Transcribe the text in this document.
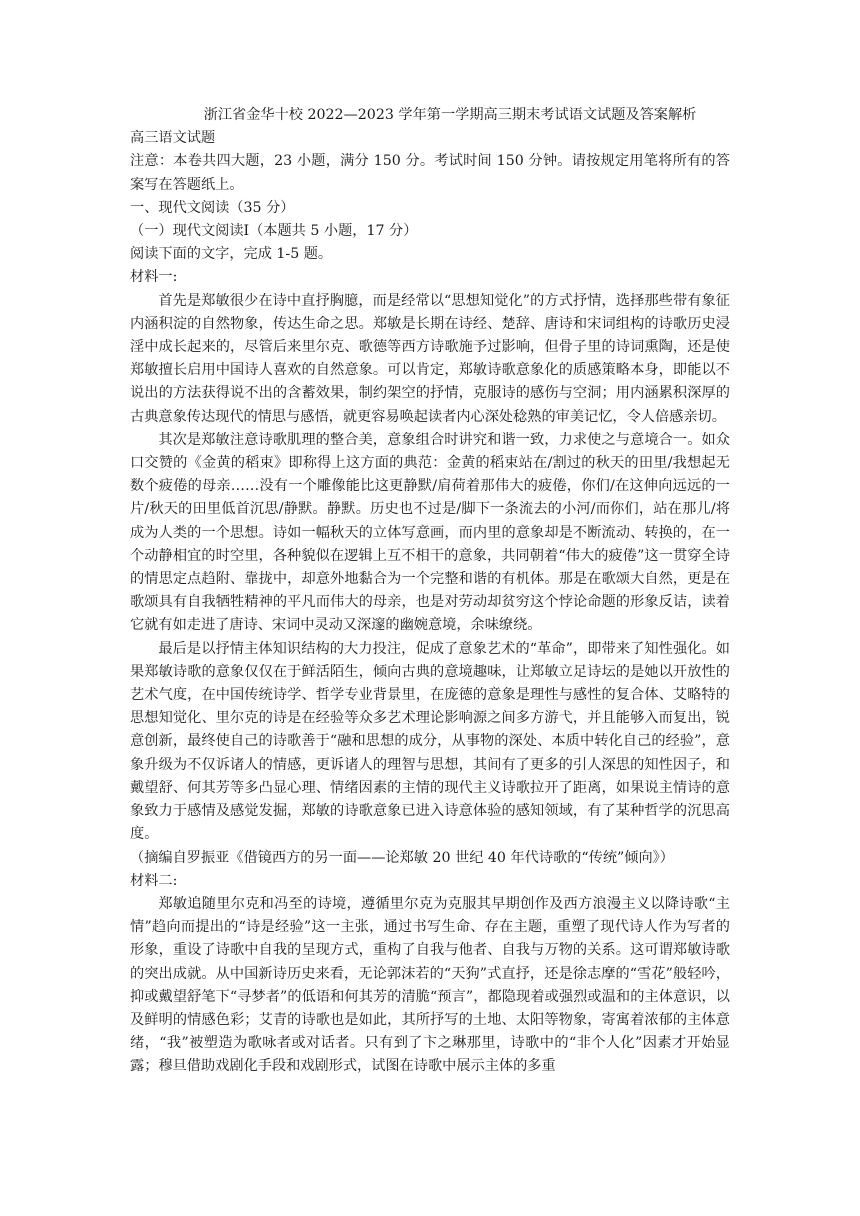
浙江省金华十校 2022—2023 学年第一学期高三期末考试语文试题及答案解析

高三语文试题

注意：本卷共四大题，23 小题，满分 150 分。考试时间 150 分钟。请按规定用笔将所有的答案写在答题纸上。

一、现代文阅读（35 分）

（一）现代文阅读Ⅰ（本题共 5 小题，17 分）

阅读下面的文字，完成 1-5 题。

材料一:

首先是郑敏很少在诗中直抒胸臆，而是经常以“思想知觉化”的方式抒情，选择那些带有象征内涵积淀的自然物象，传达生命之思。郑敏是长期在诗经、楚辞、唐诗和宋词组构的诗歌历史浸淫中成长起来的，尽管后来里尔克、歌德等西方诗歌施予过影响，但骨子里的诗词熏陶，还是使郑敏擅长启用中国诗人喜欢的自然意象。可以肯定，郑敏诗歌意象化的质感策略本身，即能以不说出的方法获得说不出的含蓄效果，制约架空的抒情，克服诗的感伤与空洞；用内涵累积深厚的古典意象传达现代的情思与感悟，就更容易唤起读者内心深处稔熟的审美记忆，令人倍感亲切。

其次是郑敏注意诗歌肌理的整合美，意象组合时讲究和谐一致，力求使之与意境合一。如众口交赞的《金黄的稻束》即称得上这方面的典范：金黄的稻束站在/割过的秋天的田里/我想起无数个疲倦的母亲……没有一个雕像能比这更静默/肩荷着那伟大的疲倦，你们/在这伸向远远的一片/秋天的田里低首沉思/静默。静默。历史也不过是/脚下一条流去的小河/而你们，站在那儿/将成为人类的一个思想。诗如一幅秋天的立体写意画，而内里的意象却是不断流动、转换的，在一个动静相宜的时空里，各种貌似在逻辑上互不相干的意象，共同朝着“伟大的疲倦”这一贯穿全诗的情思定点趋附、靠拢中，却意外地黏合为一个完整和谐的有机体。那是在歌颂大自然，更是在歌颂具有自我牺牲精神的平凡而伟大的母亲，也是对劳动却贫穷这个悖论命题的形象反诘，读着它就有如走进了唐诗、宋词中灵动又深邃的幽婉意境，余味缭绕。

最后是以抒情主体知识结构的大力投注，促成了意象艺术的“革命”，即带来了知性强化。如果郑敏诗歌的意象仅仅在于鲜活陌生，倾向古典的意境趣味，让郑敏立足诗坛的是她以开放性的艺术气度，在中国传统诗学、哲学专业背景里，在庞德的意象是理性与感性的复合体、艾略特的思想知觉化、里尔克的诗是在经验等众多艺术理论影响源之间多方游弋，并且能够入而复出，锐意创新，最终使自己的诗歌善于“融和思想的成分，从事物的深处、本质中转化自己的经验”，意象升级为不仅诉诸人的情感，更诉诸人的理智与思想，其间有了更多的引人深思的知性因子，和戴望舒、何其芳等多凸显心理、情绪因素的主情的现代主义诗歌拉开了距离，如果说主情诗的意象致力于感情及感觉发掘，郑敏的诗歌意象已进入诗意体验的感知领域，有了某种哲学的沉思高度。

（摘编自罗振亚《借镜西方的另一面——论郑敏 20 世纪 40 年代诗歌的“传统”倾向》）

材料二:

郑敏追随里尔克和冯至的诗境，遵循里尔克为克服其早期创作及西方浪漫主义以降诗歌“主情”趋向而提出的“诗是经验”这一主张，通过书写生命、存在主题，重塑了现代诗人作为写者的形象，重设了诗歌中自我的呈现方式，重构了自我与他者、自我与万物的关系。这可谓郑敏诗歌的突出成就。从中国新诗历史来看，无论郭沫若的“天狗”式直抒，还是徐志摩的“雪花”般轻吟，抑或戴望舒笔下“寻梦者”的低语和何其芳的清脆“预言”，都隐现着或强烈或温和的主体意识，以及鲜明的情感色彩；艾青的诗歌也是如此，其所抒写的土地、太阳等物象，寄寓着浓郁的主体意绪，“我”被塑造为歌咏者或对话者。只有到了卞之琳那里，诗歌中的“非个人化”因素才开始显露；穆旦借助戏剧化手段和戏剧形式，试图在诗歌中展示主体的多重
